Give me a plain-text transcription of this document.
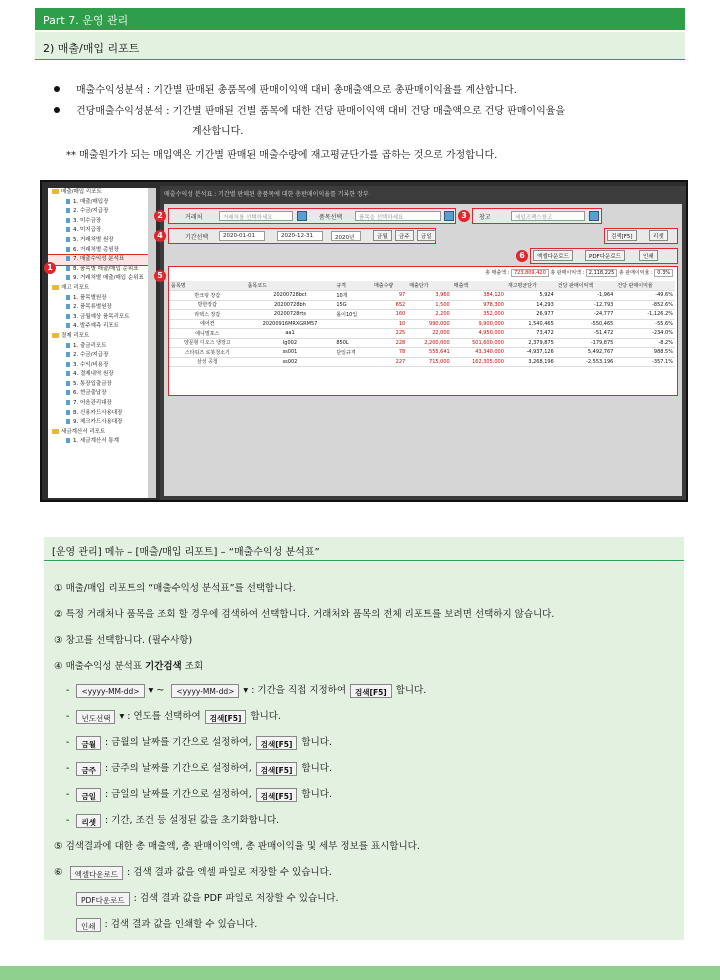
Part 7. 운영 관리
2) 매출/매입 리포트
매출수익성분석 : 기간별 판매된 총품목에 판매이익액 대비 총매출액으로 총판매이익율를 계산합니다.
건당매출수익성분석 : 기간별 판매된 건별 품목에 대한 건당 판매이익액 대비 건당 매출액으로 건당 판매이익율을
계산합니다.
** 매출원가가 되는 매입액은 기간별 판매된 매출수량에 재고평균단가를 곱하는 것으로 가정합니다.
매출/매입 리포트
1. 매출/매입장
2. 수금/지급장
3. 미수금장
4. 미지급장
5. 거래처별 원장
6. 거래처별 총원장
7. 매출수익성 분석표
8. 품목별 매출/매입 순위표
9. 거래처별 매출/매입 순위표
재고 리포트
1. 품목별원장
2. 품목류별원장
3. 금월예상 품목리포트
4. 발주예측 리포트
결제 리포트
1. 출금리포트
2. 수금/지급장
3. 수익/비용장
4. 결제내역 원장
5. 통장입출금장
6. 현금출납장
7. 어음관리대장
8. 신용카드사용대장
9. 체크카드사용대장
세금계산서 리포트
1. 세금계산서 통계
1
매출수익성 분석표 : 기간별 판매된 총품목에 대한 총판매이익율를 기록한 장부
2	거래처	거래처를 선택하세요	품목선택	품목을 선택하세요	3	창고	세일즈팩스창고
4	기간선택	2020-01-01	2020-12-31	2020년	금월	금주	금일	검색[F5]	리셋
6	엑셀다운로드	PDF다운로드	인쇄
5	총 매출액 : 723,809,420 총 판매이익액 : 2,118,225 총 판매이익율 : 0.3%
품목명	품목코드	규격	매출수량	매출단가	매출액	재고평균단가	건당 판매이익액	건당 판매이익율
반크팅 장갑	20200728bct	10개	97	3,960	384,120	5,924	-1,964	-49.6%
방한장갑	20200728bh	15G	652	1,500	978,300	14,293	-12,793	-852.6%
라텍스 장갑	20200728rts	롤이10입	160	2,200	352,000	26,977	-24,777	-1,126.2%
에어컨	20200916MRXGRM57		10	990,000	9,900,000	1,540,465	-550,465	-55.6%
애니멀포스	aa1		225	22,000	4,950,000	73,472	-51,472	-234.0%
양문형 디오스 냉장고	lg002	850L	228	2,200,000	501,600,000	2,379,875	-179,875	-8.2%
스타워즈 로봇청소기	ss001	단일규격	78	555,641	43,340,000	-4,937,126	5,492,767	988.5%
삼성 공청	ss002		227	715,000	162,305,000	3,268,196	-2,553,196	-357.1%
[운영 관리] 메뉴 – [매출/매입 리포트] – “매출수익성 분석표”
① 매출/매입 리포트의 “매출수익성 분석표”를 선택합니다.
② 특정 거래처나 품목을 조회 할 경우에 검색하여 선택합니다. 거래처와 품목의 전체 리포트를 보려면 선택하지 않습니다.
③ 창고를 선택합니다. (필수사항)
④ 매출수익성 분석표 기간검색 조회
- <yyyy-MM-dd> ▾ ~ <yyyy-MM-dd> ▾ : 기간을 직접 지정하여 검색[F5] 합니다.
- 년도선택 ▾ : 연도를 선택하여 검색[F5] 합니다.
- 금월 : 금월의 날짜를 기간으로 설정하여, 검색[F5] 합니다.
- 금주 : 금주의 날짜를 기간으로 설정하여, 검색[F5] 합니다.
- 금일 : 금일의 날짜를 기간으로 설정하여, 검색[F5] 합니다.
- 리셋 : 기간, 조건 등 설정된 값을 초기화합니다.
⑤ 검색결과에 대한 총 매출액, 총 판매이익액, 총 판매이익율 및 세부 정보를 표시합니다.
⑥ 엑셀다운로드 : 검색 결과 값을 엑셀 파일로 저장할 수 있습니다.
PDF다운로드 : 검색 결과 값을 PDF 파일로 저장할 수 있습니다.
인쇄 : 검색 결과 값을 인쇄할 수 있습니다.
